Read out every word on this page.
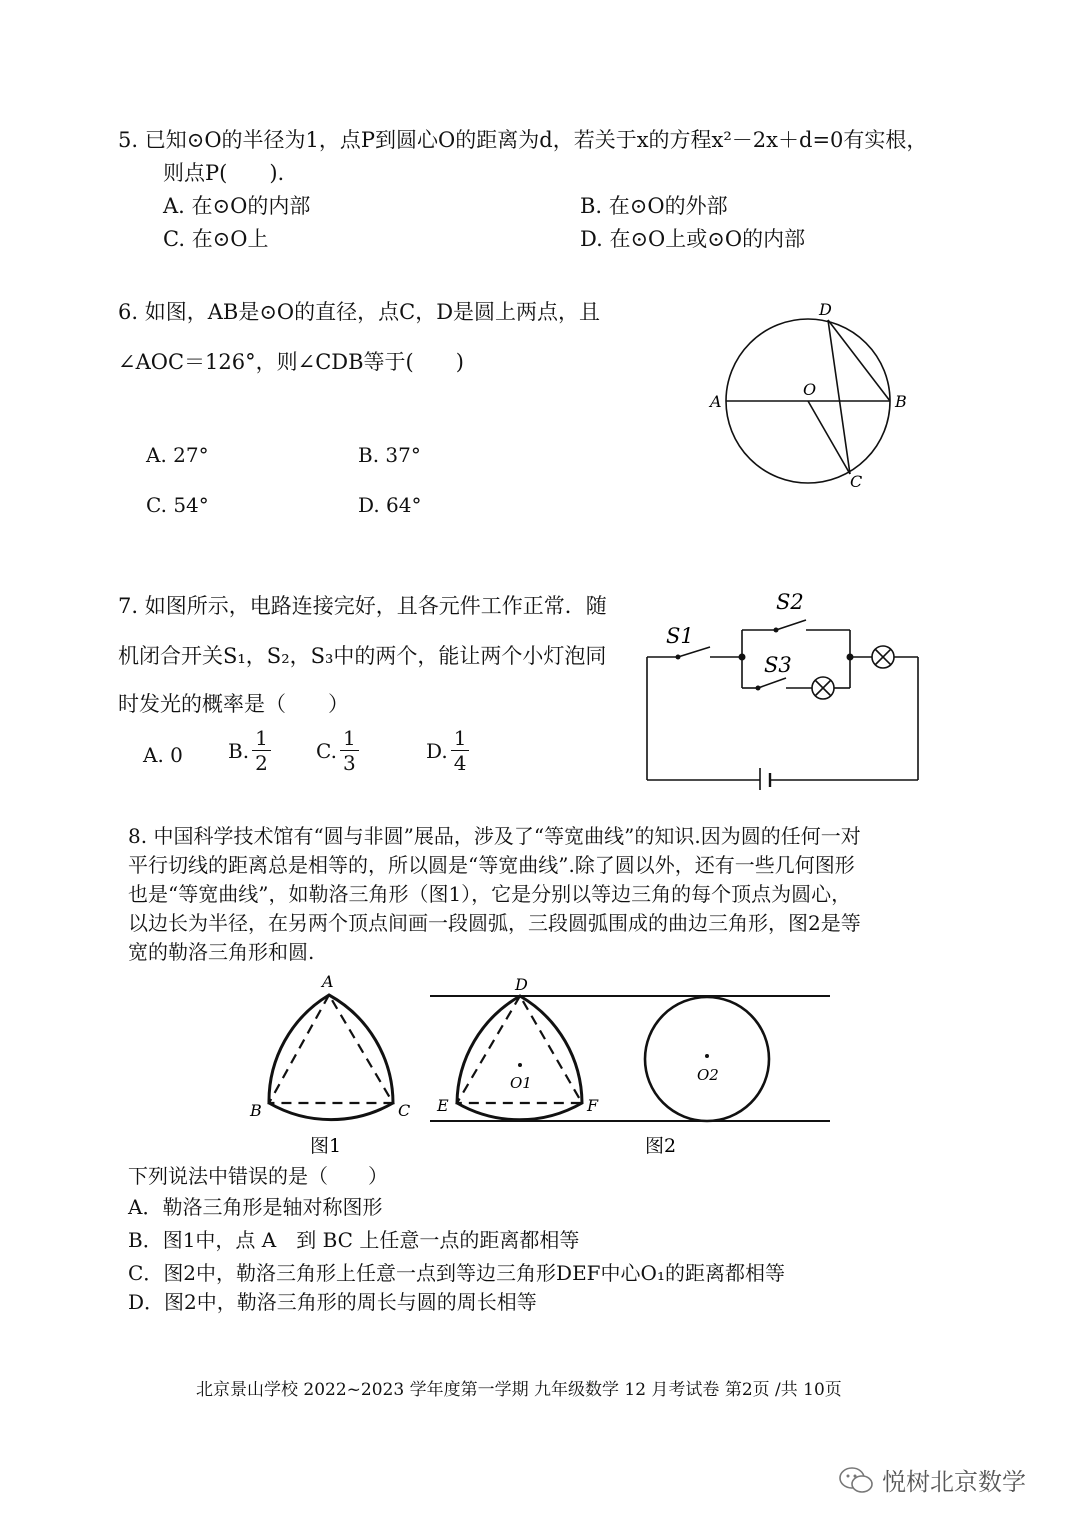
5. 已知⊙O的半径为1，点P到圆心O的距离为d，若关于x的方程x²－2x＋d=0有实根，
则点P(　　).
A. 在⊙O的内部	B. 在⊙O的外部
C. 在⊙O上	D. 在⊙O上或⊙O的内部
6. 如图，AB是⊙O的直径，点C，D是圆上两点，且
∠AOC＝126°，则∠CDB等于(　　)
A. 27°	B. 37°
C. 54°	D. 64°
D
A	B
O
C
7. 如图所示，电路连接完好，且各元件工作正常．随
机闭合开关S₁，S₂，S₃中的两个，能让两个小灯泡同
时发光的概率是（　　）
A. 0 B. $\frac{1}{2} C$. $\frac{1}{3}$	D. $\frac{1}{4}$
S1
S2
S3
8. 中国科学技术馆有“圆与非圆”展品，涉及了“等宽曲线”的知识.因为圆的任何一对
平行切线的距离总是相等的，所以圆是“等宽曲线”.除了圆以外，还有一些几何图形
也是“等宽曲线”，如勒洛三角形（图1），它是分别以等边三角的每个顶点为圆心，
以边长为半径，在另两个顶点间画一段圆弧，三段圆弧围成的曲边三角形，图2是等
宽的勒洛三角形和圆.
A
B	C
图1
D
E	F
O1	O2
图2
下列说法中错误的是（　　）
A．勒洛三角形是轴对称图形
B．图1中，点 A　到 BC 上任意一点的距离都相等
C．图2中，勒洛三角形上任意一点到等边三角形DEF中心O₁的距离都相等
D．图2中，勒洛三角形的周长与圆的周长相等
北京景山学校 2022~2023 学年度第一学期 九年级数学 12 月考试卷 第2页 /共 10页
悦树北京数学
